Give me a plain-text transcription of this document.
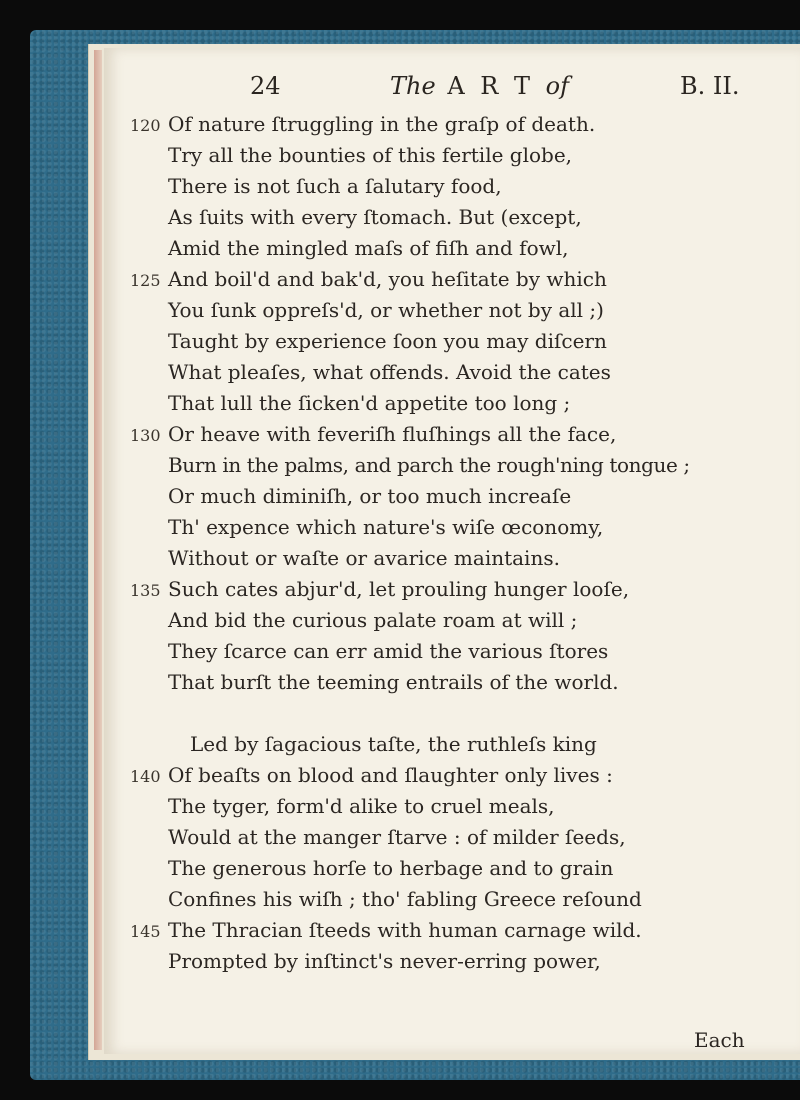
24	The A R T of	B. II.
120 Of nature ſtruggling in the graſp of death.
Try all the bounties of this fertile globe,
There is not ſuch a ſalutary food,
As ſuits with every ſtomach. But (except,
Amid the mingled maſs of fiſh and fowl,
125 And boil'd and bak'd, you heſitate by which
You ſunk oppreſs'd, or whether not by all ;)
Taught by experience ſoon you may diſcern
What pleaſes, what offends. Avoid the cates
That lull the ſicken'd appetite too long ;
130 Or heave with feveriſh fluſhings all the face,
Burn in the palms, and parch the rough'ning tongue ;
Or much diminiſh, or too much increaſe
Th' expence which nature's wiſe œconomy,
Without or waſte or avarice maintains.
135 Such cates abjur'd, let prouling hunger looſe,
And bid the curious palate roam at will ;
They ſcarce can err amid the various ſtores
That burſt the teeming entrails of the world.
Led by ſagacious taſte, the ruthleſs king
140 Of beaſts on blood and ſlaughter only lives :
The tyger, form'd alike to cruel meals,
Would at the manger ſtarve : of milder ſeeds,
The generous horſe to herbage and to grain
Confines his wiſh ; tho' fabling Greece reſound
145 The Thracian ſteeds with human carnage wild.
Prompted by inſtinct's never-erring power,
Each
